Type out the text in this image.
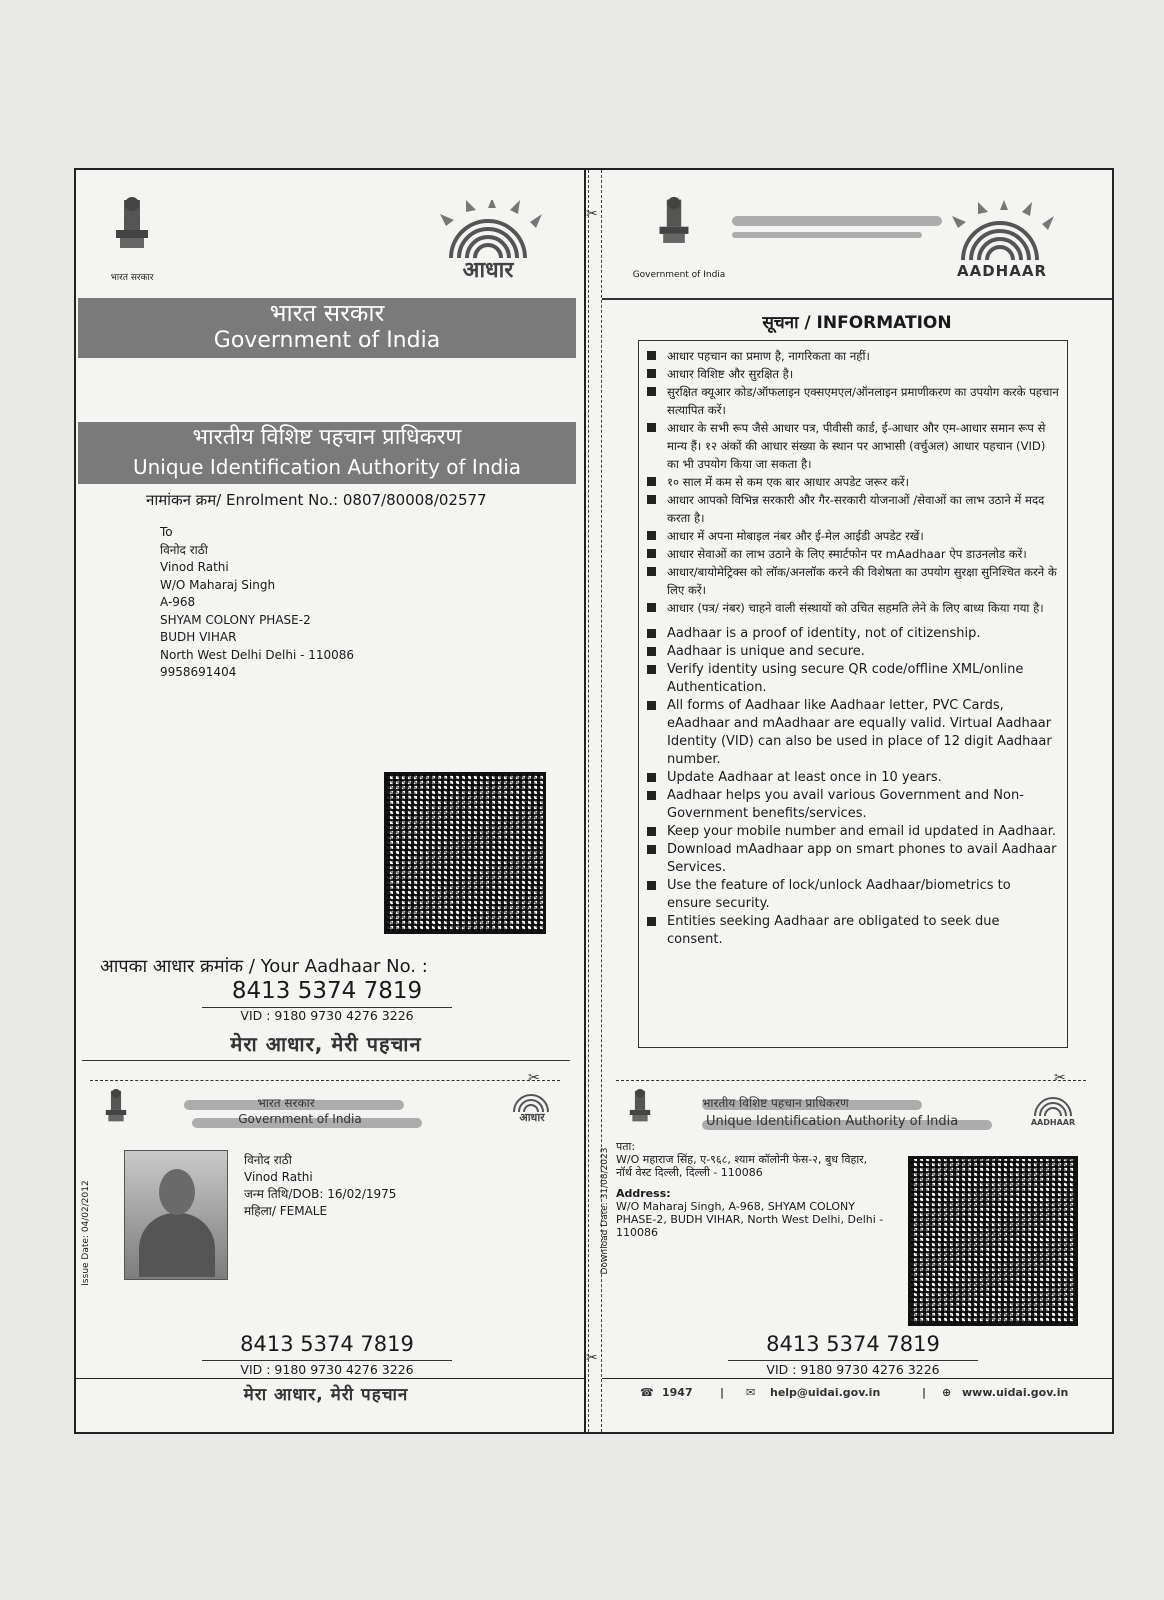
भारत सरकार	आधार
भारत सरकार
Government of India
भारतीय विशिष्ट पहचान प्राधिकरण
Unique Identification Authority of India
नामांकन क्रम/ Enrolment No.: 0807/80008/02577
To
विनोद राठी
Vinod Rathi
W/O Maharaj Singh
A-968
SHYAM COLONY PHASE-2
BUDH VIHAR
North West Delhi Delhi - 110086
9958691404
आपका आधार क्रमांक / Your Aadhaar No. :
8413 5374 7819
VID : 9180 9730 4276 3226
मेरा आधार, मेरी पहचान
✂
✂
✂	✂
भारत सरकार
Government of India	आधार
Issue Date: 04/02/2012
विनोद राठी
Vinod Rathi
जन्म तिथि/DOB: 16/02/1975
महिला/ FEMALE
8413 5374 7819
VID : 9180 9730 4276 3226
मेरा आधार, मेरी पहचान
Government of India	AADHAAR
सूचना / INFORMATION
आधार पहचान का प्रमाण है, नागरिकता का नहीं।
आधार विशिष्ट और सुरक्षित है।
सुरक्षित क्यूआर कोड/ऑफलाइन एक्सएमएल/ऑनलाइन प्रमाणीकरण का उपयोग करके पहचान सत्यापित करें।
आधार के सभी रूप जैसे आधार पत्र, पीवीसी कार्ड, ई-आधार और एम-आधार समान रूप से मान्य हैं। १२ अंकों की आधार संख्या के स्थान पर आभासी (वर्चुअल) आधार पहचान (VID) का भी उपयोग किया जा सकता है।
१० साल में कम से कम एक बार आधार अपडेट जरूर करें।
आधार आपको विभिन्न सरकारी और गैर-सरकारी योजनाओं /सेवाओं का लाभ उठाने में मदद करता है।
आधार में अपना मोबाइल नंबर और ई-मेल आईडी अपडेट रखें।
आधार सेवाओं का लाभ उठाने के लिए स्मार्टफोन पर mAadhaar ऐप डाउनलोड करें।
आधार/बायोमेट्रिक्स को लॉक/अनलॉक करने की विशेषता का उपयोग सुरक्षा सुनिश्चित करने के लिए करें।
आधार (पत्र/ नंबर) चाहने वाली संस्थायों को उचित सहमति लेने के लिए बाध्य किया गया है।
Aadhaar is a proof of identity, not of citizenship.
Aadhaar is unique and secure.
Verify identity using secure QR code/offline XML/online Authentication.
All forms of Aadhaar like Aadhaar letter, PVC Cards, eAadhaar and mAadhaar are equally valid. Virtual Aadhaar Identity (VID) can also be used in place of 12 digit Aadhaar number.
Update Aadhaar at least once in 10 years.
Aadhaar helps you avail various Government and Non- Government benefits/services.
Keep your mobile number and email id updated in Aadhaar.
Download mAadhaar app on smart phones to avail Aadhaar Services.
Use the feature of lock/unlock Aadhaar/biometrics to ensure security.
Entities seeking Aadhaar are obligated to seek due consent.
भारतीय विशिष्ट पहचान प्राधिकरण
Unique Identification Authority of India	AADHAAR
Download Date: 31/08/2023
पता:
W/O महाराज सिंह, ए-९६८, श्याम कॉलोनी फेस-२, बुध विहार, नॉर्थ वेस्ट दिल्ली, दिल्ली - 110086
Address:
W/O Maharaj Singh, A-968, SHYAM COLONY PHASE-2, BUDH VIHAR, North West Delhi, Delhi - 110086
8413 5374 7819
VID : 9180 9730 4276 3226
☎ 1947 | ✉ help@uidai.gov.in	| ⊕ www.uidai.gov.in
